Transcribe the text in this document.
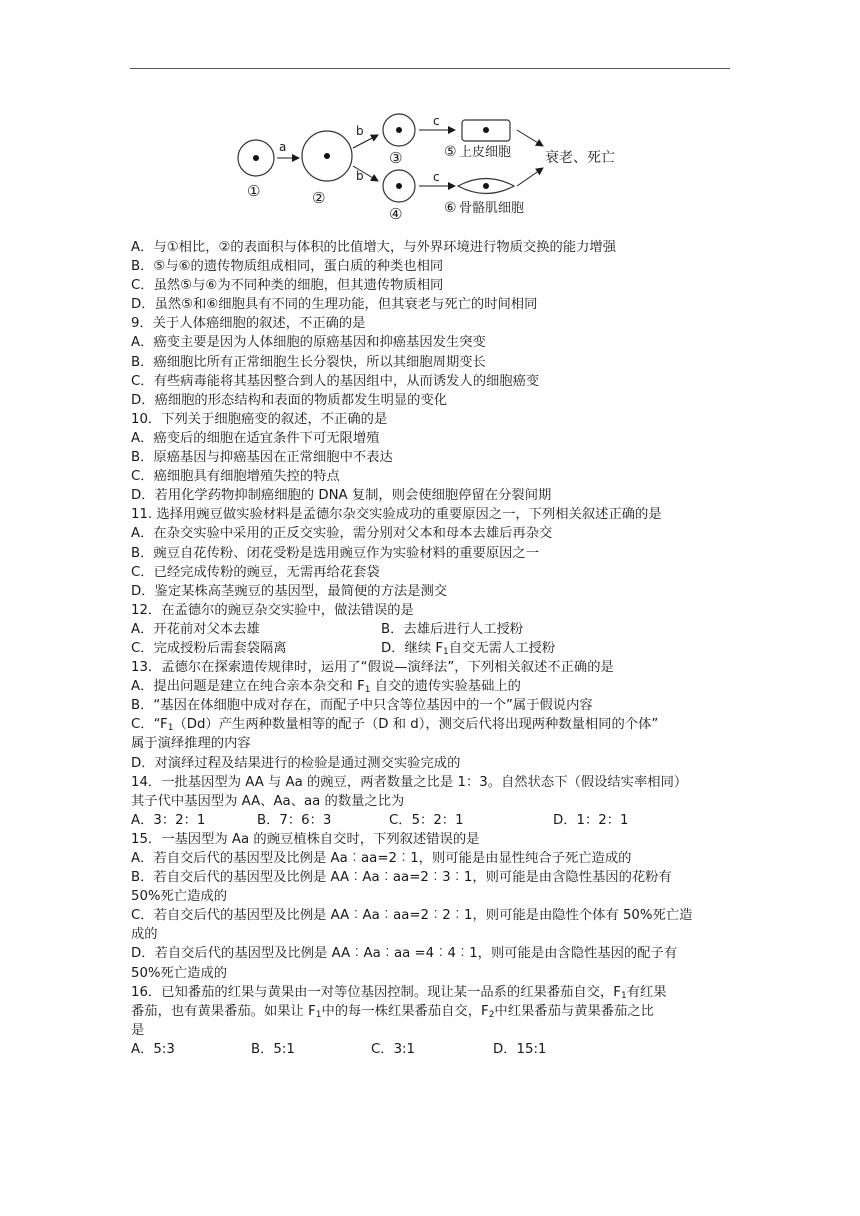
①
a
②
b
b
③
④
c
c
⑤ 上皮细胞
⑥ 骨骼肌细胞
衰老、死亡
A．与①相比，②的表面积与体积的比值增大，与外界环境进行物质交换的能力增强
B．⑤与⑥的遗传物质组成相同，蛋白质的种类也相同
C．虽然⑤与⑥为不同种类的细胞，但其遗传物质相同
D．虽然⑤和⑥细胞具有不同的生理功能，但其衰老与死亡的时间相同
9．关于人体癌细胞的叙述，不正确的是
A．癌变主要是因为人体细胞的原癌基因和抑癌基因发生突变
B．癌细胞比所有正常细胞生长分裂快，所以其细胞周期变长
C．有些病毒能将其基因整合到人的基因组中，从而诱发人的细胞癌变
D．癌细胞的形态结构和表面的物质都发生明显的变化
10．下列关于细胞癌变的叙述，不正确的是
A．癌变后的细胞在适宜条件下可无限增殖
B．原癌基因与抑癌基因在正常细胞中不表达
C．癌细胞具有细胞增殖失控的特点
D．若用化学药物抑制癌细胞的 DNA 复制，则会使细胞停留在分裂间期
11. 选择用豌豆做实验材料是孟德尔杂交实验成功的重要原因之一，下列相关叙述正确的是
A．在杂交实验中采用的正反交实验，需分别对父本和母本去雄后再杂交
B．豌豆自花传粉、闭花受粉是选用豌豆作为实验材料的重要原因之一
C．已经完成传粉的豌豆，无需再给花套袋
D．鉴定某株高茎豌豆的基因型，最简便的方法是测交
12．在孟德尔的豌豆杂交实验中，做法错误的是
A．开花前对父本去雄	B．去雄后进行人工授粉
C．完成授粉后需套袋隔离	D．继续 $F_1$自交无需人工授粉
13．孟德尔在探索遗传规律时，运用了“假说—演绎法”，下列相关叙述不正确的是
A．提出问题是建立在纯合亲本杂交和 $F_1$ 自交的遗传实验基础上的
B．“基因在体细胞中成对存在，而配子中只含等位基因中的一个”属于假说内容
C．“$F_1(Dd)$产生两种数量相等的配子（D 和 d），测交后代将出现两种数量相同的个体”
属于演绎推理的内容
D．对演绎过程及结果进行的检验是通过测交实验完成的
14．一批基因型为 AA 与 Aa 的豌豆，两者数量之比是 1：3。自然状态下（假设结实率相同）
其子代中基因型为 AA、Aa、aa 的数量之比为
A．3：2：1	B．7：6：3	C．5：2：1	D．1：2：1
15．一基因型为 Aa 的豌豆植株自交时，下列叙述错误的是
A．若自交后代的基因型及比例是 Aa︰aa=2︰1，则可能是由显性纯合子死亡造成的
B．若自交后代的基因型及比例是 AA︰Aa︰aa=2︰3︰1，则可能是由含隐性基因的花粉有
50%死亡造成的
C．若自交后代的基因型及比例是 AA︰Aa︰aa=2︰2︰1，则可能是由隐性个体有 50%死亡造
成的
D．若自交后代的基因型及比例是 AA︰Aa︰aa =4︰4︰1，则可能是由含隐性基因的配子有
50%死亡造成的
16．已知番茄的红果与黄果由一对等位基因控制。现让某一品系的红果番茄自交，$F_1$有红果
番茄，也有黄果番茄。如果让 $F_1$中的每一株红果番茄自交，$F_2$中红果番茄与黄果番茄之比
是
A．5:3	B．5:1	C．3:1	D．15:1
